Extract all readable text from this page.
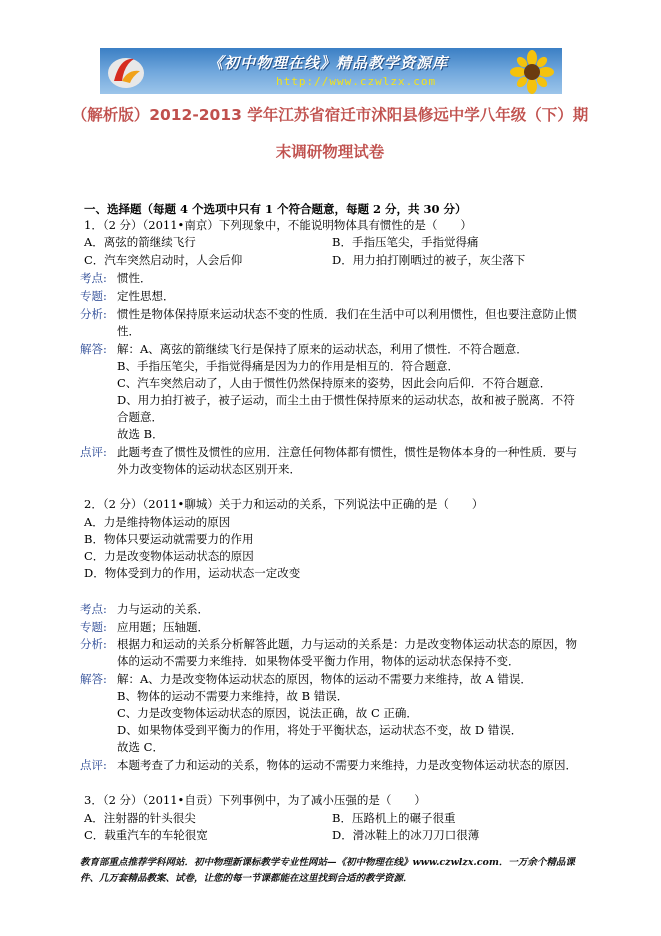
《初中物理在线》精品教学资源库
http://www.czwlzx.com
（解析版）2012-2013 学年江苏省宿迁市沭阳县修远中学八年级（下）期
末调研物理试卷
一、选择题（每题 4 个选项中只有 1 个符合题意，每题 2 分，共 30 分）
1．（2 分）（2011•南京）下列现象中，不能说明物体具有惯性的是（　　）
A．离弦的箭继续飞行	B．手指压笔尖，手指觉得痛
C．汽车突然启动时，人会后仰	D．用力拍打刚晒过的被子，灰尘落下
考点: 惯性．
专题: 定性思想．
分析: 惯性是物体保持原来运动状态不变的性质．我们在生活中可以利用惯性，但也要注意防止惯
性．
解答: 解：A、离弦的箭继续飞行是保持了原来的运动状态，利用了惯性．不符合题意．
B、手指压笔尖，手指觉得痛是因为力的作用是相互的．符合题意．
C、汽车突然启动了，人由于惯性仍然保持原来的姿势，因此会向后仰．不符合题意．
D、用力拍打被子，被子运动，而尘土由于惯性保持原来的运动状态，故和被子脱离．不符
合题意．
故选 B．
点评: 此题考查了惯性及惯性的应用．注意任何物体都有惯性，惯性是物体本身的一种性质．要与
外力改变物体的运动状态区别开来．
2．（2 分）（2011•聊城）关于力和运动的关系，下列说法中正确的是（　　）
A．力是维持物体运动的原因
B．物体只要运动就需要力的作用
C．力是改变物体运动状态的原因
D．物体受到力的作用，运动状态一定改变
考点: 力与运动的关系．
专题: 应用题；压轴题．
分析: 根据力和运动的关系分析解答此题，力与运动的关系是：力是改变物体运动状态的原因，物
体的运动不需要力来维持．如果物体受平衡力作用，物体的运动状态保持不变．
解答: 解：A、力是改变物体运动状态的原因，物体的运动不需要力来维持，故 A 错误．
B、物体的运动不需要力来维持，故 B 错误．
C、力是改变物体运动状态的原因，说法正确，故 C 正确．
D、如果物体受到平衡力的作用，将处于平衡状态，运动状态不变，故 D 错误．
故选 C．
点评: 本题考查了力和运动的关系，物体的运动不需要力来维持，力是改变物体运动状态的原因．
3．（2 分）（2011•自贡）下列事例中，为了减小压强的是（　　）
A．注射器的针头很尖	B．压路机上的碾子很重
C．载重汽车的车轮很宽	D．滑冰鞋上的冰刀刀口很薄
教育部重点推荐学科网站．初中物理新课标教学专业性网站—《初中物理在线》www.czwlzx.com．一万余个精品课
件、几万套精品教案、试卷，让您的每一节课都能在这里找到合适的教学资源．
